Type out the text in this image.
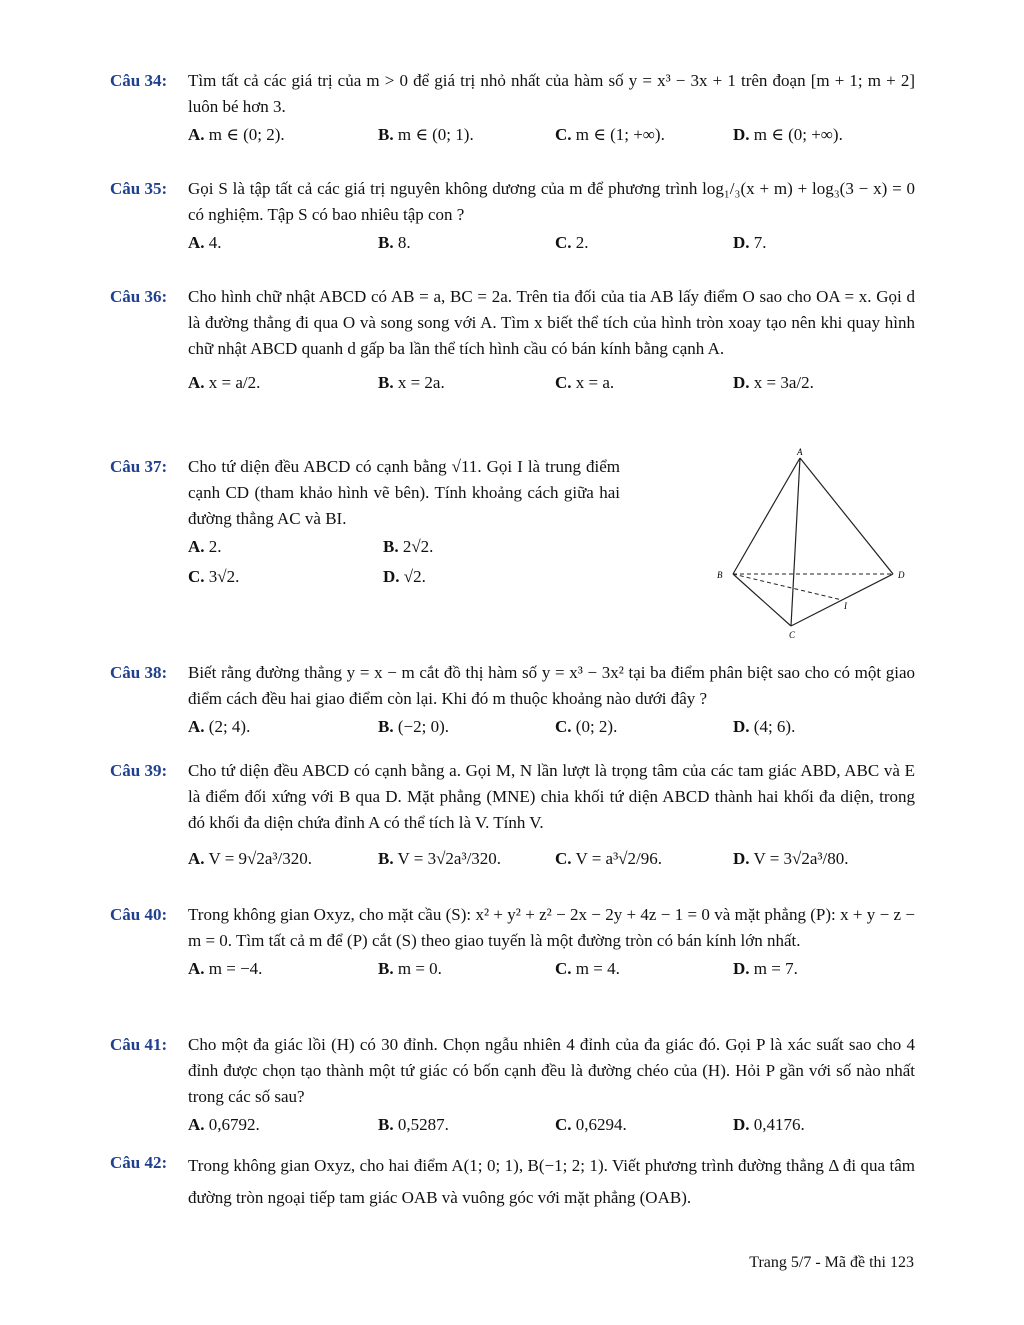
Câu 34: Tìm tất cả các giá trị của m > 0 để giá trị nhỏ nhất của hàm số y = x³ − 3x + 1 trên đoạn [m + 1; m + 2] luôn bé hơn 3.
A. m ∈ (0; 2).	B. m ∈ (0; 1).	C. m ∈ (1; +∞).	D. m ∈ (0; +∞).
Câu 35: Gọi S là tập tất cả các giá trị nguyên không dương của m để phương trình log₁/₃(x + m) + log₃(3 − x) = 0 có nghiệm. Tập S có bao nhiêu tập con ?
A. 4.	B. 8.	C. 2.	D. 7.
Câu 36: Cho hình chữ nhật ABCD có AB = a, BC = 2a. Trên tia đối của tia AB lấy điểm O sao cho OA = x. Gọi d là đường thẳng đi qua O và song song với A. Tìm x biết thể tích của hình tròn xoay tạo nên khi quay hình chữ nhật ABCD quanh d gấp ba lần thể tích hình cầu có bán kính bằng cạnh A.
A. x = a/2.	B. x = 2a.	C. x = a.	D. x = 3a/2.
Câu 37: Cho tứ diện đều ABCD có cạnh bằng √11. Gọi I là trung điểm cạnh CD (tham khảo hình vẽ bên). Tính khoảng cách giữa hai đường thẳng AC và BI.
A. 2.	B. 2√2.
C. 3√2.	D. √2.
A
B
C
D
I
Câu 38: Biết rằng đường thẳng y = x − m cắt đồ thị hàm số y = x³ − 3x² tại ba điểm phân biệt sao cho có một giao điểm cách đều hai giao điểm còn lại. Khi đó m thuộc khoảng nào dưới đây ?
A. (2; 4).	B. (−2; 0).	C. (0; 2).	D. (4; 6).
Câu 39: Cho tứ diện đều ABCD có cạnh bằng a. Gọi M, N lần lượt là trọng tâm của các tam giác ABD, ABC và E là điểm đối xứng với B qua D. Mặt phẳng (MNE) chia khối tứ diện ABCD thành hai khối đa diện, trong đó khối đa diện chứa đỉnh A có thể tích là V. Tính V.
A. V = 9√2a³/320.	B. V = 3√2a³/320.	C. V = a³√2/96.	D. V = 3√2a³/80.
Câu 40: Trong không gian Oxyz, cho mặt cầu (S): x² + y² + z² − 2x − 2y + 4z − 1 = 0 và mặt phẳng (P): x + y − z − m = 0. Tìm tất cả m để (P) cắt (S) theo giao tuyến là một đường tròn có bán kính lớn nhất.
A. m = −4.	B. m = 0.	C. m = 4.	D. m = 7.
Câu 41: Cho một đa giác lồi (H) có 30 đỉnh. Chọn ngẫu nhiên 4 đỉnh của đa giác đó. Gọi P là xác suất sao cho 4 đỉnh được chọn tạo thành một tứ giác có bốn cạnh đều là đường chéo của (H). Hỏi P gần với số nào nhất trong các số sau?
A. 0,6792.	B. 0,5287.	C. 0,6294.	D. 0,4176.
Câu 42: Trong không gian Oxyz, cho hai điểm A(1; 0; 1), B(−1; 2; 1). Viết phương trình đường thẳng Δ đi qua tâm đường tròn ngoại tiếp tam giác OAB và vuông góc với mặt phẳng (OAB).
Trang 5/7 - Mã đề thi 123
